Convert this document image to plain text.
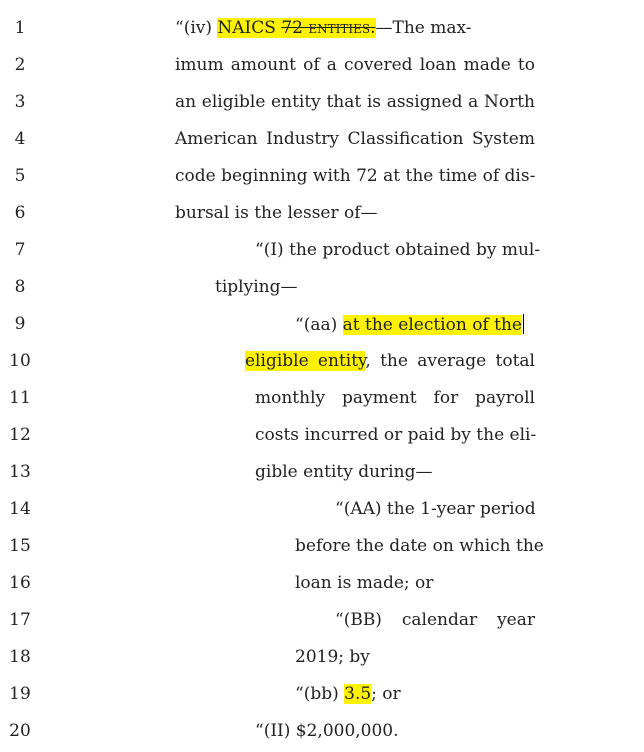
1	“(iv) NAICS 72 entities.—The max-
2	imum amount of a covered loan made to
3	an eligible entity that is assigned a North
4	American Industry Classification System
5	code beginning with 72 at the time of dis-
6	bursal is the lesser of—
7	“(I) the product obtained by mul-
8	tiplying—
9	“(aa) at the election of the
10	eligible entity, the average total
11	monthly payment for payroll
12	costs incurred or paid by the eli-
13	gible entity during—
14	“(AA) the 1-year period
15	before the date on which the
16	loan is made; or
17	“(BB) calendar year
18	2019; by
19	“(bb) 3.5; or
20	“(II) $2,000,000.
